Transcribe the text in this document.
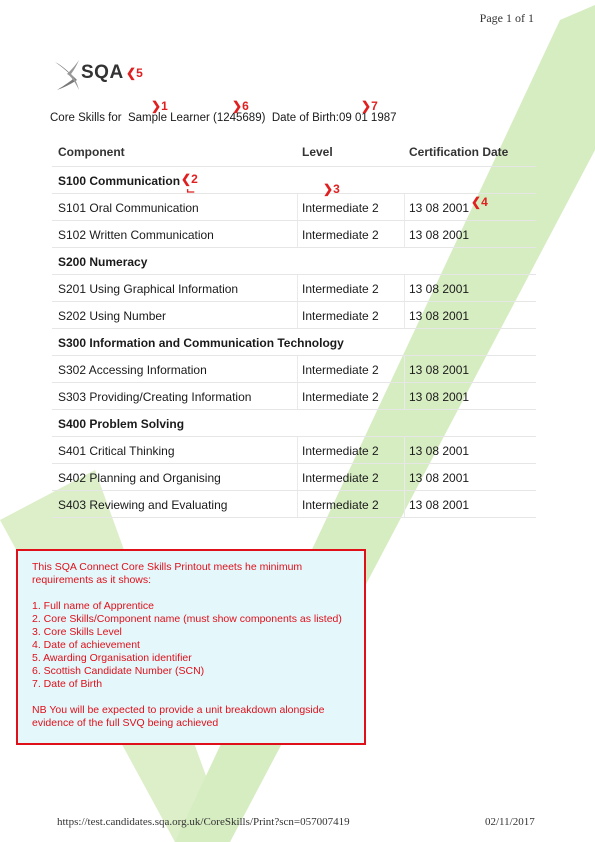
Page 1 of 1
SQA ❮5
Core Skills for Sample Learner (1245689) Date of Birth:09 01 1987
❯1	❯6	❯7
Component	Level	Certification Date
S100 Communication
S101 Oral Communication	Intermediate 2	13 08 2001
S102 Written Communication	Intermediate 2	13 08 2001
S200 Numeracy
S201 Using Graphical Information	Intermediate 2	13 08 2001
S202 Using Number	Intermediate 2	13 08 2001
S300 Information and Communication Technology
S302 Accessing Information	Intermediate 2	13 08 2001
S303 Providing/Creating Information	Intermediate 2	13 08 2001
S400 Problem Solving
S401 Critical Thinking	Intermediate 2	13 08 2001
S402 Planning and Organising	Intermediate 2	13 08 2001
S403 Reviewing and Evaluating	Intermediate 2	13 08 2001
❮2
⌙	❯3
❮4

This SQA Connect Core Skills Printout meets he minimum requirements as it shows:

1. Full name of Apprentice
2. Core Skills/Component name (must show components as listed)
3. Core Skills Level
4. Date of achievement
5. Awarding Organisation identifier
6. Scottish Candidate Number (SCN)
7. Date of Birth

NB You will be expected to provide a unit breakdown alongside evidence of the full SVQ being achieved

https://test.candidates.sqa.org.uk/CoreSkills/Print?scn=057007419	02/11/2017
